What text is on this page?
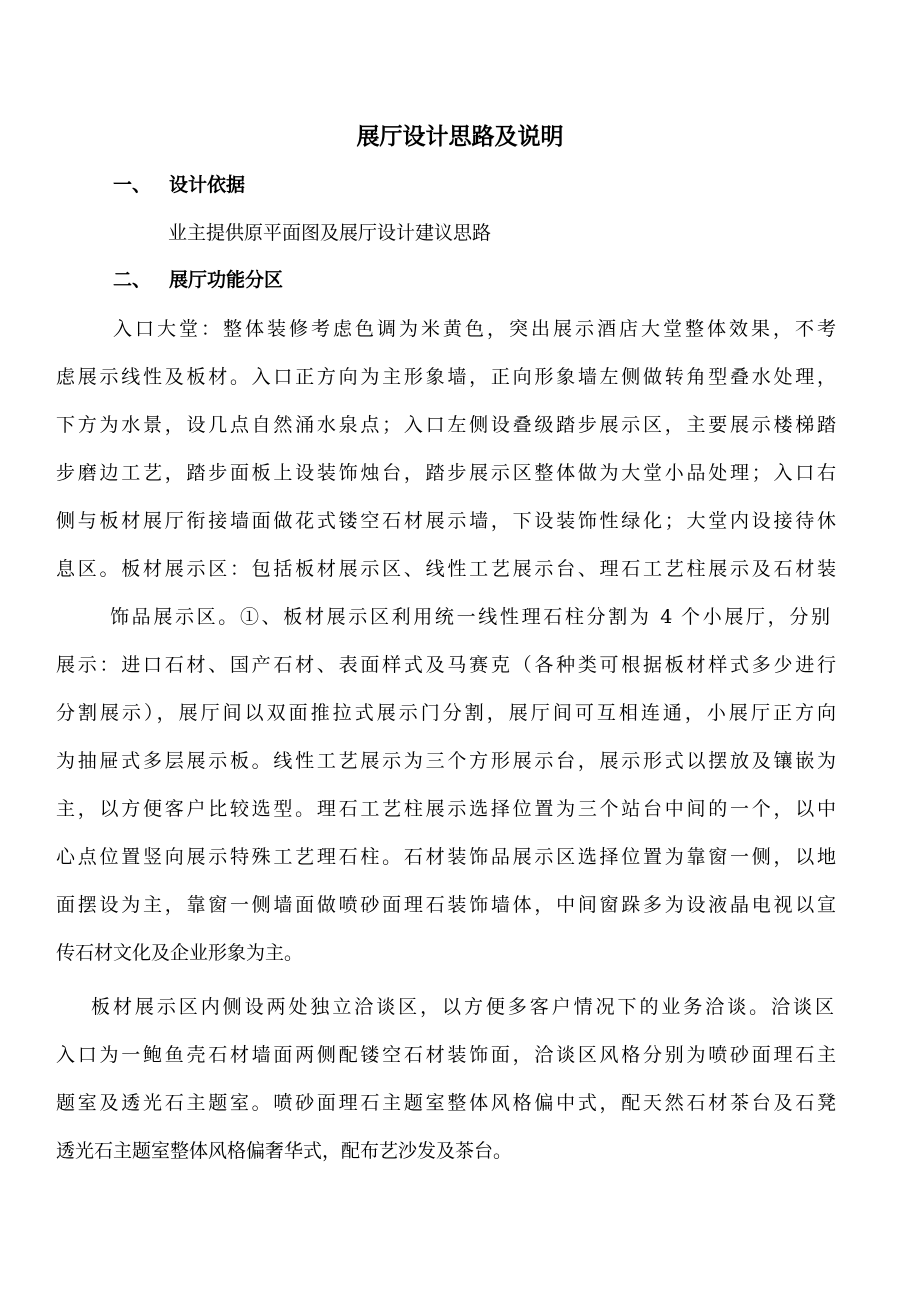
展厅设计思路及说明
一、 设计依据
业主提供原平面图及展厅设计建议思路
二、 展厅功能分区
入口大堂：整体装修考虑色调为米黄色，突出展示酒店大堂整体效果，不考
虑展示线性及板材。入口正方向为主形象墙，正向形象墙左侧做转角型叠水处理，
下方为水景，设几点自然涌水泉点；入口左侧设叠级踏步展示区，主要展示楼梯踏
步磨边工艺，踏步面板上设装饰烛台，踏步展示区整体做为大堂小品处理；入口右
侧与板材展厅衔接墙面做花式镂空石材展示墙，下设装饰性绿化；大堂内设接待休
息区。板材展示区：包括板材展示区、线性工艺展示台、理石工艺柱展示及石材装
饰品展示区。①、板材展示区利用统一线性理石柱分割为 4 个小展厅，分别
展示：进口石材、国产石材、表面样式及马赛克（各种类可根据板材样式多少进行
分割展示），展厅间以双面推拉式展示门分割，展厅间可互相连通，小展厅正方向
为抽屉式多层展示板。线性工艺展示为三个方形展示台，展示形式以摆放及镶嵌为
主，以方便客户比较选型。理石工艺柱展示选择位置为三个站台中间的一个，以中
心点位置竖向展示特殊工艺理石柱。石材装饰品展示区选择位置为靠窗一侧，以地
面摆设为主，靠窗一侧墙面做喷砂面理石装饰墙体，中间窗跺多为设液晶电视以宣
传石材文化及企业形象为主。
板材展示区内侧设两处独立洽谈区，以方便多客户情况下的业务洽谈。洽谈区
入口为一鲍鱼壳石材墙面两侧配镂空石材装饰面，洽谈区风格分别为喷砂面理石主
题室及透光石主题室。喷砂面理石主题室整体风格偏中式，配天然石材茶台及石凳
透光石主题室整体风格偏奢华式，配布艺沙发及茶台。
